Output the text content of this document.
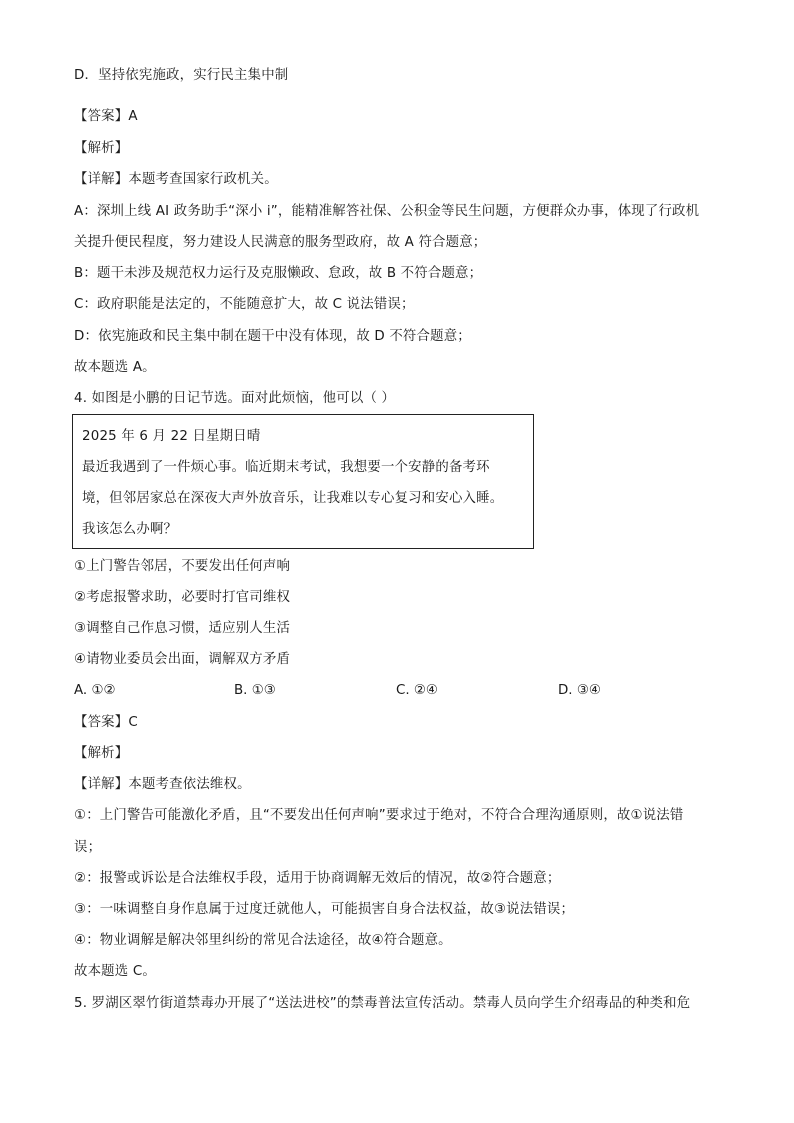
D．坚持依宪施政，实行民主集中制
【答案】A
【解析】
【详解】本题考查国家行政机关。
A：深圳上线 AI 政务助手“深小 i”，能精准解答社保、公积金等民生问题，方便群众办事，体现了行政机
关提升便民程度，努力建设人民满意的服务型政府，故 A 符合题意；
B：题干未涉及规范权力运行及克服懒政、怠政，故 B 不符合题意；
C：政府职能是法定的，不能随意扩大，故 C 说法错误；
D：依宪施政和民主集中制在题干中没有体现，故 D 不符合题意；
故本题选 A。
4. 如图是小鹏的日记节选。面对此烦恼，他可以（ ）
2025 年 6 月 22 日星期日晴
最近我遇到了一件烦心事。临近期末考试，我想要一个安静的备考环
境，但邻居家总在深夜大声外放音乐，让我难以专心复习和安心入睡。
我该怎么办啊？
①上门警告邻居，不要发出任何声响
②考虑报警求助，必要时打官司维权
③调整自己作息习惯，适应别人生活
④请物业委员会出面，调解双方矛盾
A. ①②	B. ①③	C. ②④	D. ③④
【答案】C
【解析】
【详解】本题考查依法维权。
①：上门警告可能激化矛盾，且“不要发出任何声响”要求过于绝对，不符合合理沟通原则，故①说法错
误；
②：报警或诉讼是合法维权手段，适用于协商调解无效后的情况，故②符合题意；
③：一味调整自身作息属于过度迁就他人，可能损害自身合法权益，故③说法错误；
④：物业调解是解决邻里纠纷的常见合法途径，故④符合题意。
故本题选 C。
5. 罗湖区翠竹街道禁毒办开展了“送法进校”的禁毒普法宣传活动。禁毒人员向学生介绍毒品的种类和危
